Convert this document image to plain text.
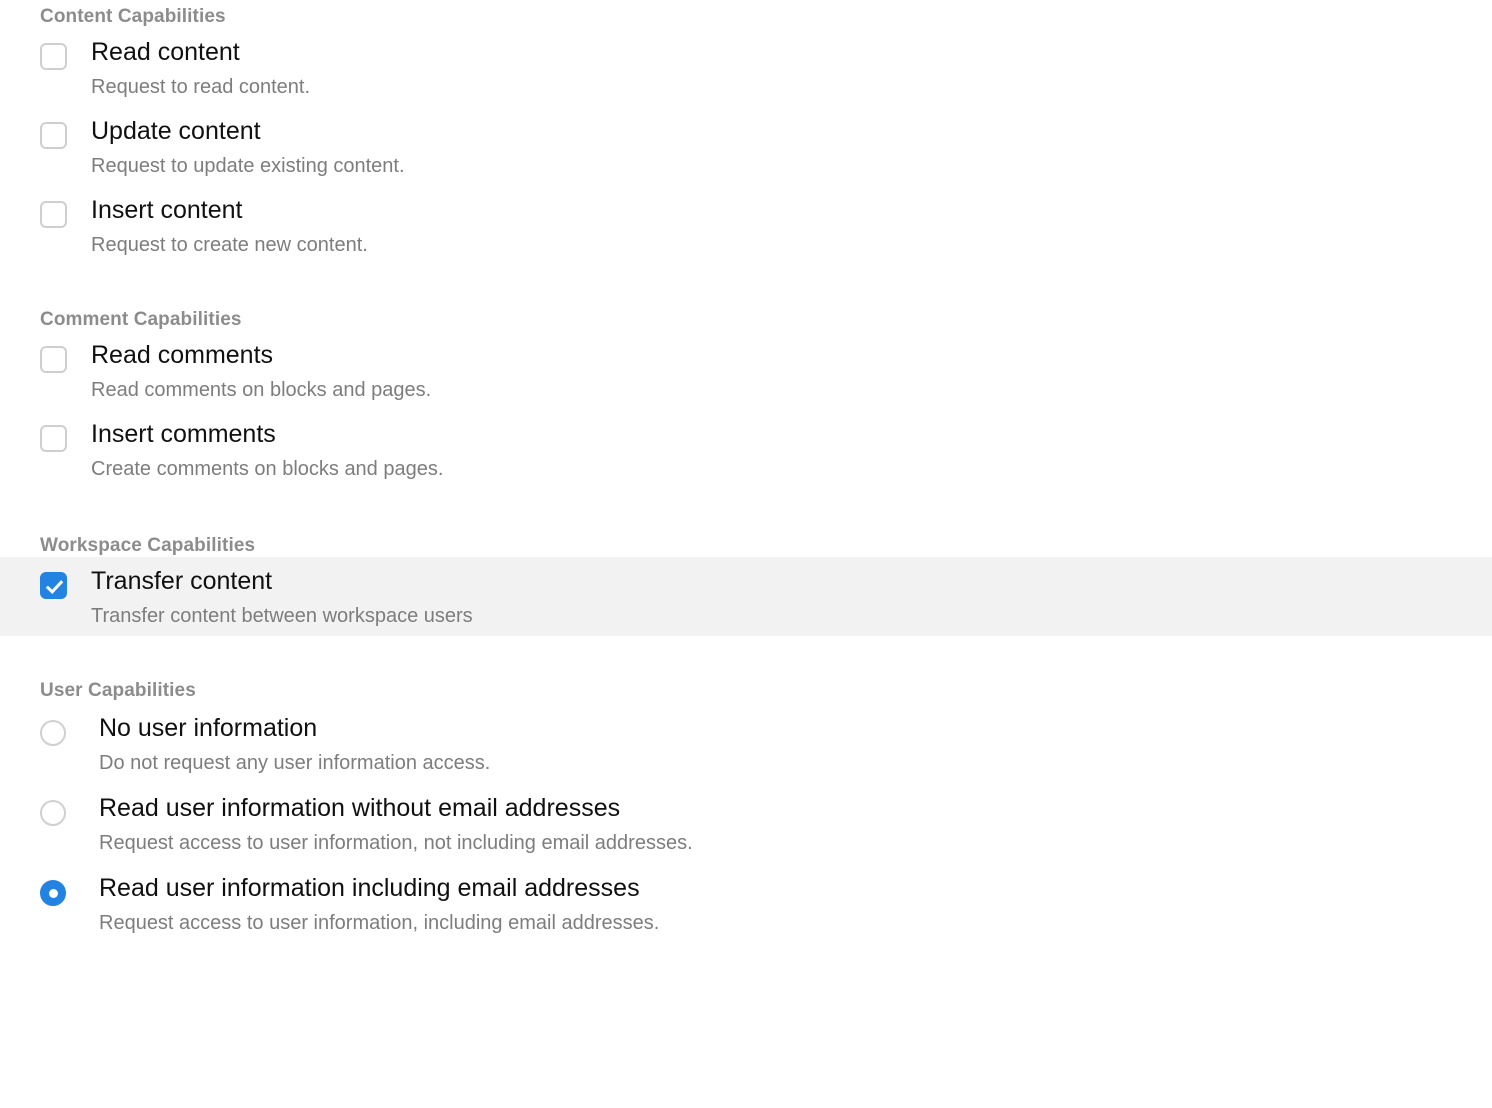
Content Capabilities
Read content
Request to read content.
Update content
Request to update existing content.
Insert content
Request to create new content.
Comment Capabilities
Read comments
Read comments on blocks and pages.
Insert comments
Create comments on blocks and pages.
Workspace Capabilities
Transfer content
Transfer content between workspace users
User Capabilities
No user information
Do not request any user information access.
Read user information without email addresses
Request access to user information, not including email addresses.
Read user information including email addresses
Request access to user information, including email addresses.
